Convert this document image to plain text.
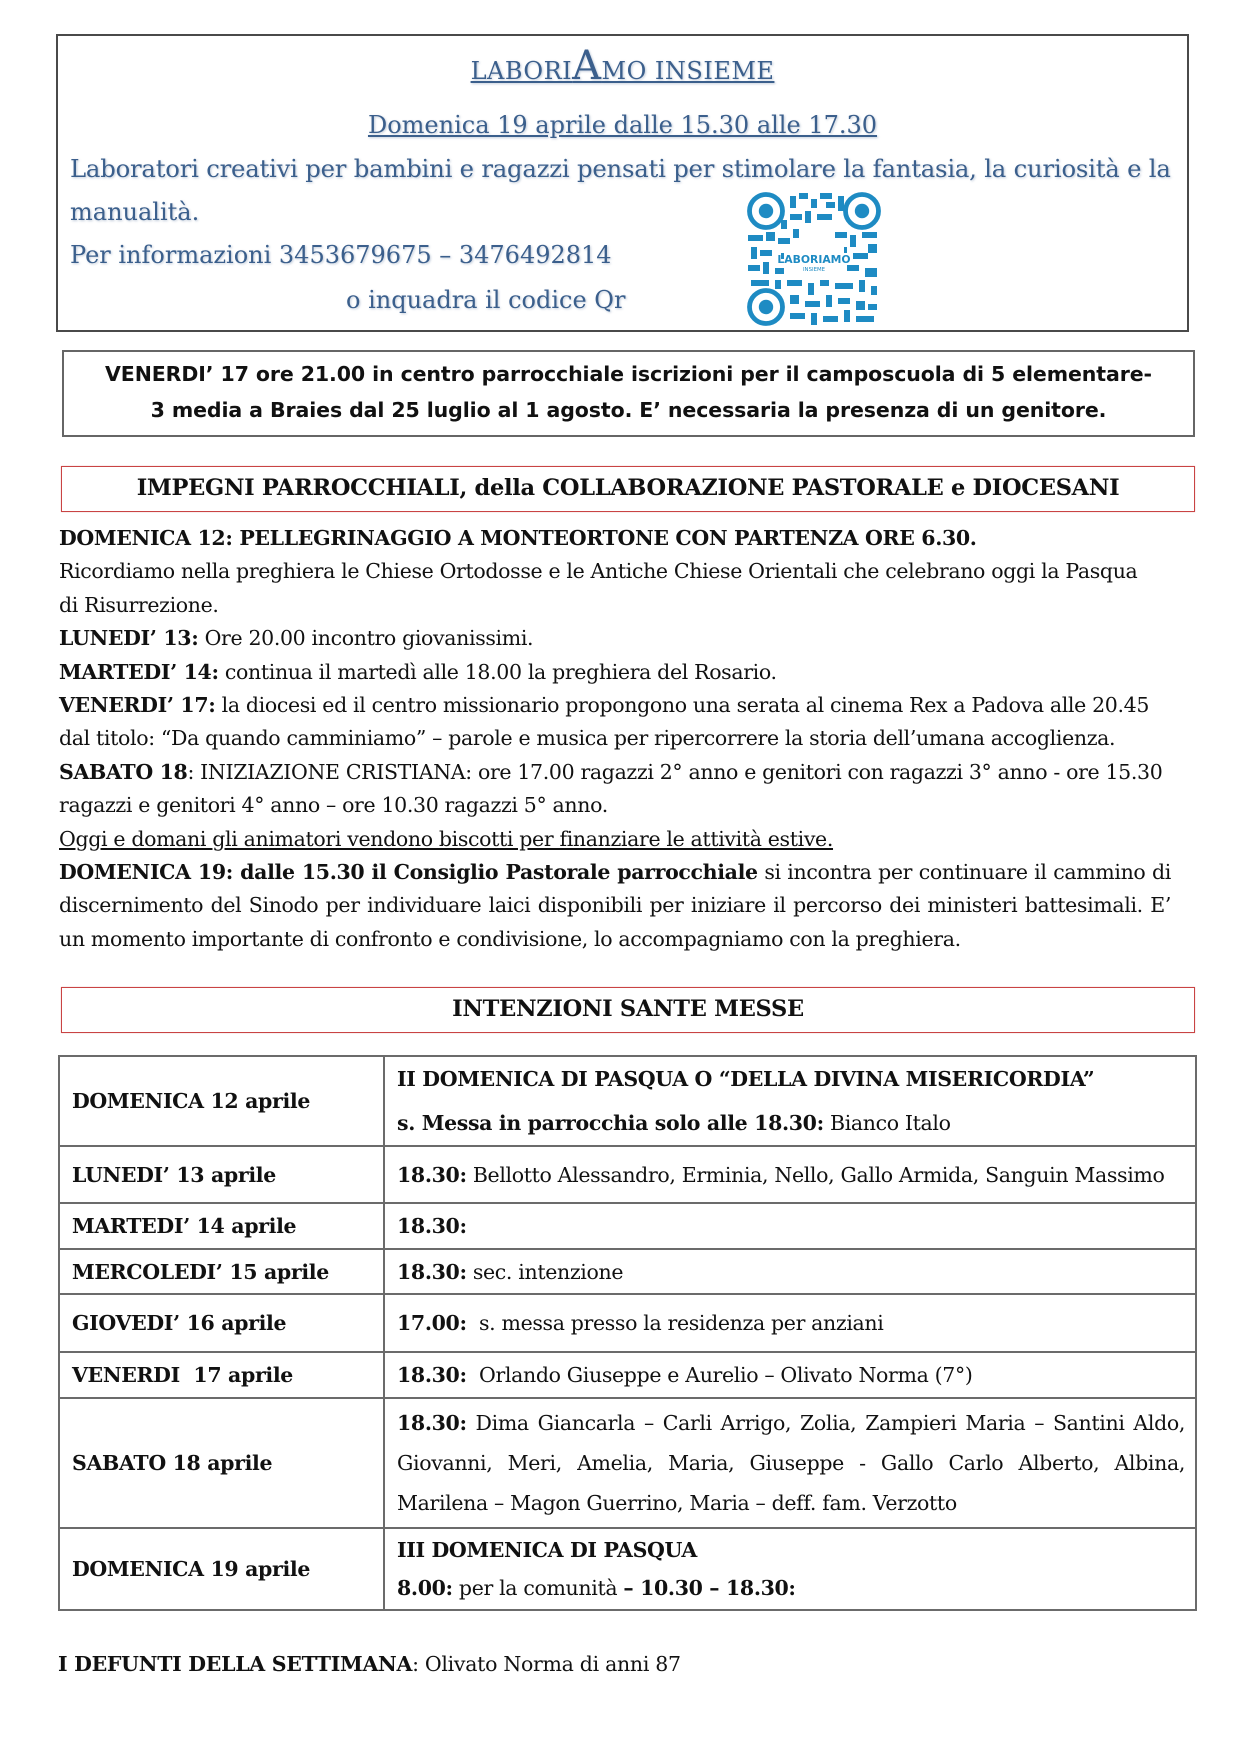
LABORIAMO INSIEME
Domenica 19 aprile dalle 15.30 alle 17.30
Laboratori creativi per bambini e ragazzi pensati per stimolare la fantasia, la curiosità e la
manualità.
Per informazioni 3453679675 – 3476492814
o inquadra il codice Qr
LABORIAMO
INSIEME
VENERDI’ 17 ore 21.00 in centro parrocchiale iscrizioni per il camposcuola di 5 elementare-
3 media a Braies dal 25 luglio al 1 agosto. E’ necessaria la presenza di un genitore.
IMPEGNI PARROCCHIALI, della COLLABORAZIONE PASTORALE e DIOCESANI

DOMENICA 12: PELLEGRINAGGIO A MONTEORTONE CON PARTENZA ORE 6.30.

Ricordiamo nella preghiera le Chiese Ortodosse e le Antiche Chiese Orientali che celebrano oggi la Pasqua

di Risurrezione.

LUNEDI’ 13: Ore 20.00 incontro giovanissimi.

MARTEDI’ 14: continua il martedì alle 18.00 la preghiera del Rosario.

VENERDI’ 17: la diocesi ed il centro missionario propongono una serata al cinema Rex a Padova alle 20.45

dal titolo: “Da quando camminiamo” – parole e musica per ripercorrere la storia dell’umana accoglienza.

SABATO 18: INIZIAZIONE CRISTIANA: ore 17.00 ragazzi 2° anno e genitori con ragazzi 3° anno - ore 15.30

ragazzi e genitori 4° anno – ore 10.30 ragazzi 5° anno.

Oggi e domani gli animatori vendono biscotti per finanziare le attività estive.

DOMENICA 19: dalle 15.30 il Consiglio Pastorale parrocchiale si incontra per continuare il cammino di discernimento del Sinodo per individuare laici disponibili per iniziare il percorso dei ministeri battesimali. E’ un momento importante di confronto e condivisione, lo accompagniamo con la preghiera.

INTENZIONI SANTE MESSE
DOMENICA 12 aprile	II DOMENICA DI PASQUA O “DELLA DIVINA MISERICORDIA”
s. Messa in parrocchia solo alle 18.30: Bianco Italo

LUNEDI’ 13 aprile	18.30: Bellotto Alessandro, Erminia, Nello, Gallo Armida, Sanguin Massimo

MARTEDI’ 14 aprile	18.30:

MERCOLEDI’ 15 aprile	18.30: sec. intenzione

GIOVEDI’ 16 aprile	17.00:  s. messa presso la residenza per anziani

VENERDI  17 aprile	18.30:  Orlando Giuseppe e Aurelio – Olivato Norma (7°)

SABATO 18 aprile	18.30: Dima Giancarla – Carli Arrigo, Zolia, Zampieri Maria – Santini Aldo,
Giovanni, Meri, Amelia, Maria, Giuseppe - Gallo Carlo Alberto, Albina,
Marilena – Magon Guerrino, Maria – deff. fam. Verzotto

DOMENICA 19 aprile	III DOMENICA DI PASQUA
8.00: per la comunità – 10.30 – 18.30:
I DEFUNTI DELLA SETTIMANA: Olivato Norma di anni 87
